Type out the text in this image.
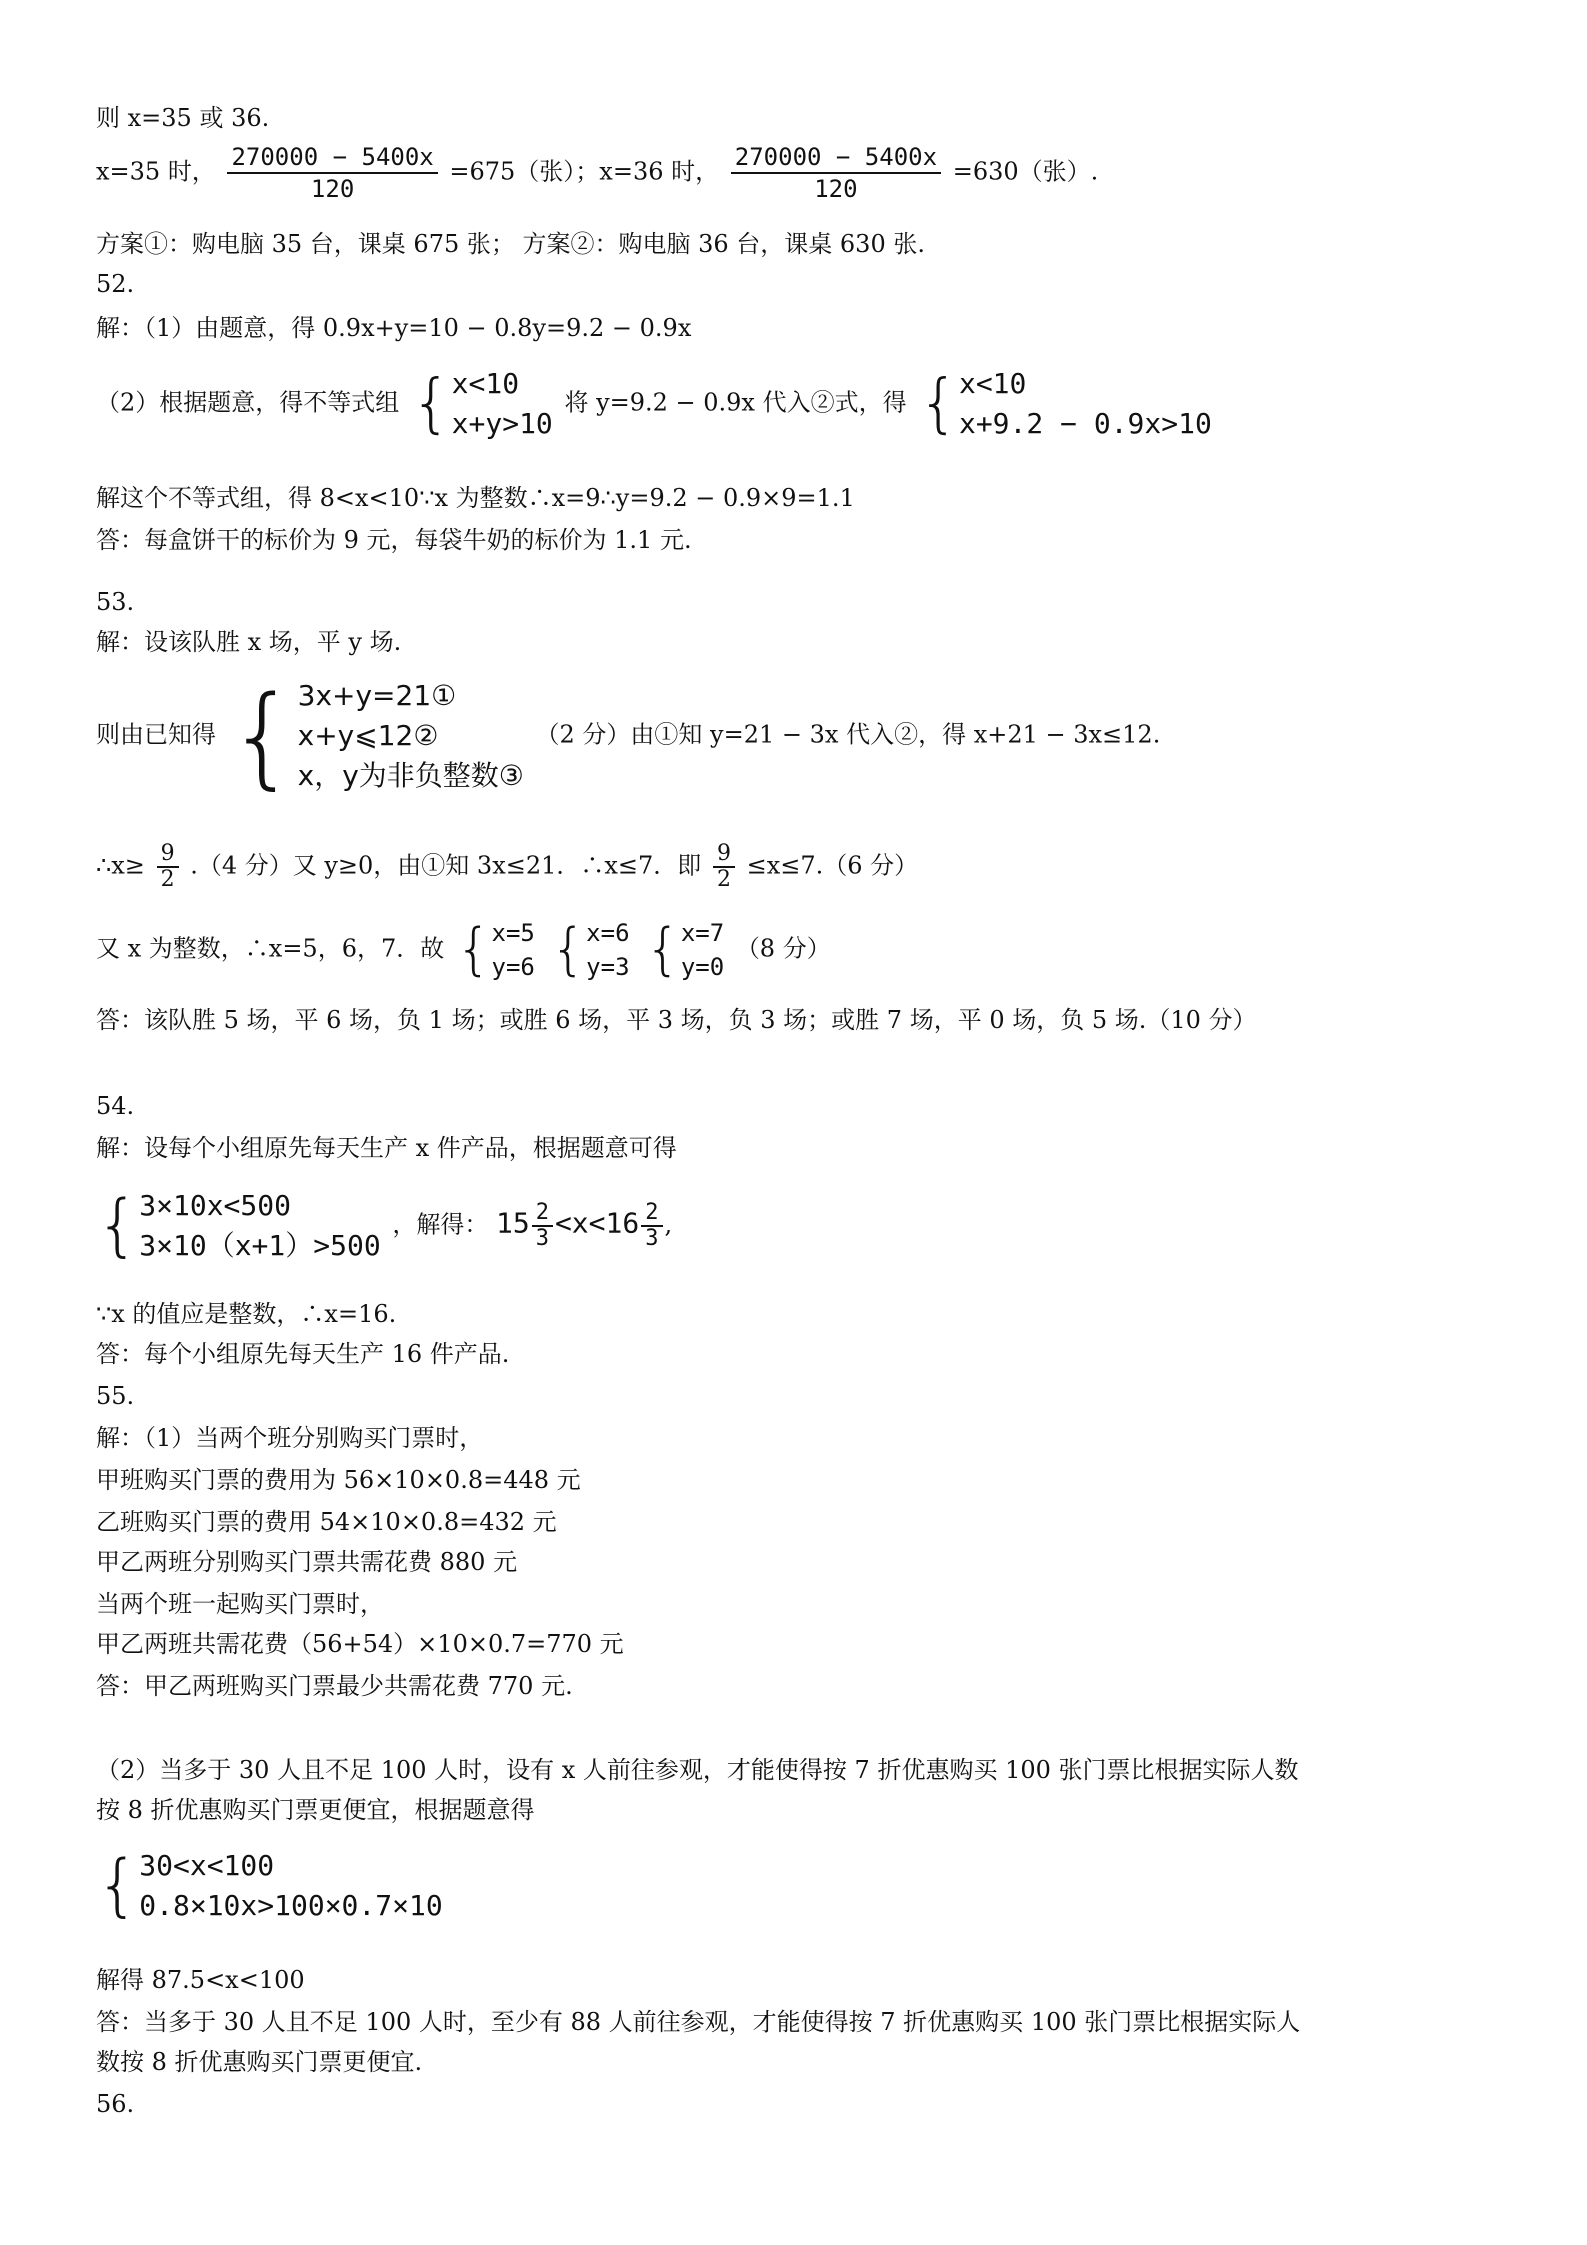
则 x=35 或 36.
x=35 时， $\frac{270000 - 5400x}{120} =675$（张）；x=36 时， $\frac{270000 - 5400x}{120} =630$（张）.
方案①：购电脑 35 台，课桌 675 张； 方案②：购电脑 36 台，课桌 630 张.
52.
解：（1）由题意，得 0.9x+y=10 − 0.8y=9.2 − 0.9x
（2）根据题意，得不等式组 { x<10
x+y>10
将 y=9.2 − 0.9x 代入②式，得 { x<10
x+9.2 − 0.9x>10
解这个不等式组，得 8<x<10∵x 为整数∴x=9∴y=9.2 − 0.9×9=1.1
答：每盒饼干的标价为 9 元，每袋牛奶的标价为 1.1 元.
53.
解：设该队胜 x 场，平 y 场.
则由已知得 { 3x+y=21①
x+y⩽12②
x，y为非负整数③
（2 分）由①知 y=21 − 3x 代入②，得 x+21 − 3x≤12.
∴x≥ $\frac{9}{2} .(4$ 分）又 y≥0，由①知 3x≤21．∴x≤7．即 $\frac{9}{2} \le x\le 7.(6$ 分）
又 x 为整数，∴x=5，6，7．故 { x=5
y=6
{ x=6
y=3
{ x=7
y=0
（8 分）
答：该队胜 5 场，平 6 场，负 1 场；或胜 6 场，平 3 场，负 3 场；或胜 7 场，平 0 场，负 5 场.（10 分）
54.
解：设每个小组原先每天生产 x 件产品，根据题意可得
{ 3×10x<500
3×10（x+1）>500
，解得： $15 \frac{2}{3} <x<16 \frac{2}{3}$ ,
∵x 的值应是整数，∴x=16.
答：每个小组原先每天生产 16 件产品.
55.
解：（1）当两个班分别购买门票时，
甲班购买门票的费用为 56×10×0.8=448 元
乙班购买门票的费用 54×10×0.8=432 元
甲乙两班分别购买门票共需花费 880 元
当两个班一起购买门票时，
甲乙两班共需花费（56+54）×10×0.7=770 元
答：甲乙两班购买门票最少共需花费 770 元.
（2）当多于 30 人且不足 100 人时，设有 x 人前往参观，才能使得按 7 折优惠购买 100 张门票比根据实际人数
按 8 折优惠购买门票更便宜，根据题意得
{ 30<x<100
0.8×10x>100×0.7×10
解得 87.5<x<100
答：当多于 30 人且不足 100 人时，至少有 88 人前往参观，才能使得按 7 折优惠购买 100 张门票比根据实际人
数按 8 折优惠购买门票更便宜.
56.
